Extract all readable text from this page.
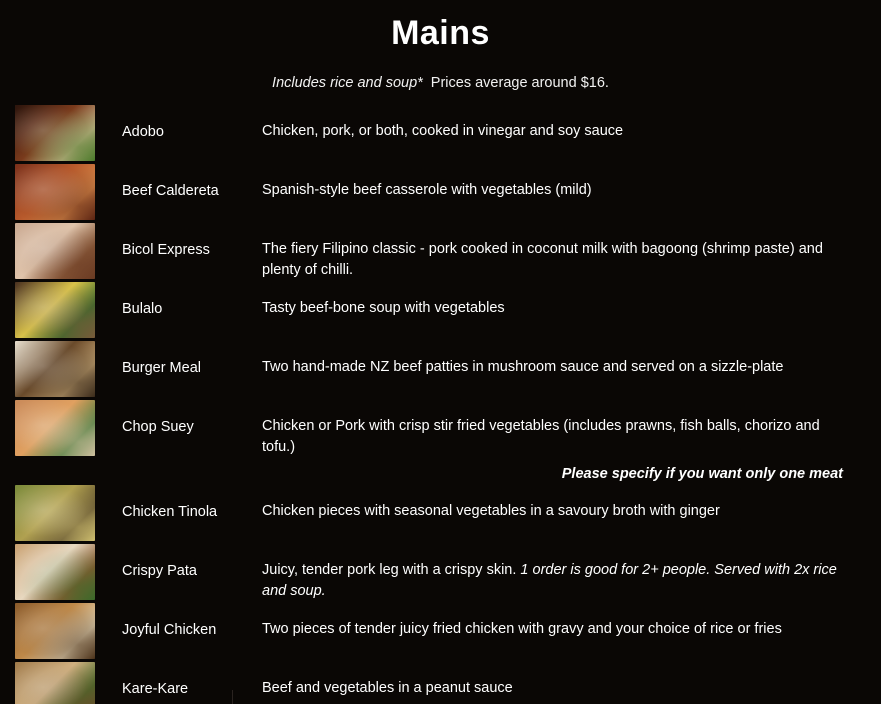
Mains

Includes rice and soup* Prices average around $16.

Adobo	Chicken, pork, or both, cooked in vinegar and soy sauce
Beef Caldereta	Spanish-style beef casserole with vegetables (mild)
Bicol Express	The fiery Filipino classic - pork cooked in coconut milk with bagoong (shrimp paste) and plenty of chilli.
Bulalo	Tasty beef-bone soup with vegetables
Burger Meal	Two hand-made NZ beef patties in mushroom sauce and served on a sizzle-plate
Chop Suey	Chicken or Pork with crisp stir fried vegetables (includes prawns, fish balls, chorizo and tofu.)
Please specify if you want only one meat
Chicken Tinola	Chicken pieces with seasonal vegetables in a savoury broth with ginger
Crispy Pata	Juicy, tender pork leg with a crispy skin. 1 order is good for 2+ people. Served with 2x rice and soup.
Joyful Chicken	Two pieces of tender juicy fried chicken with gravy and your choice of rice or fries
Kare-Kare	Beef and vegetables in a peanut sauce
